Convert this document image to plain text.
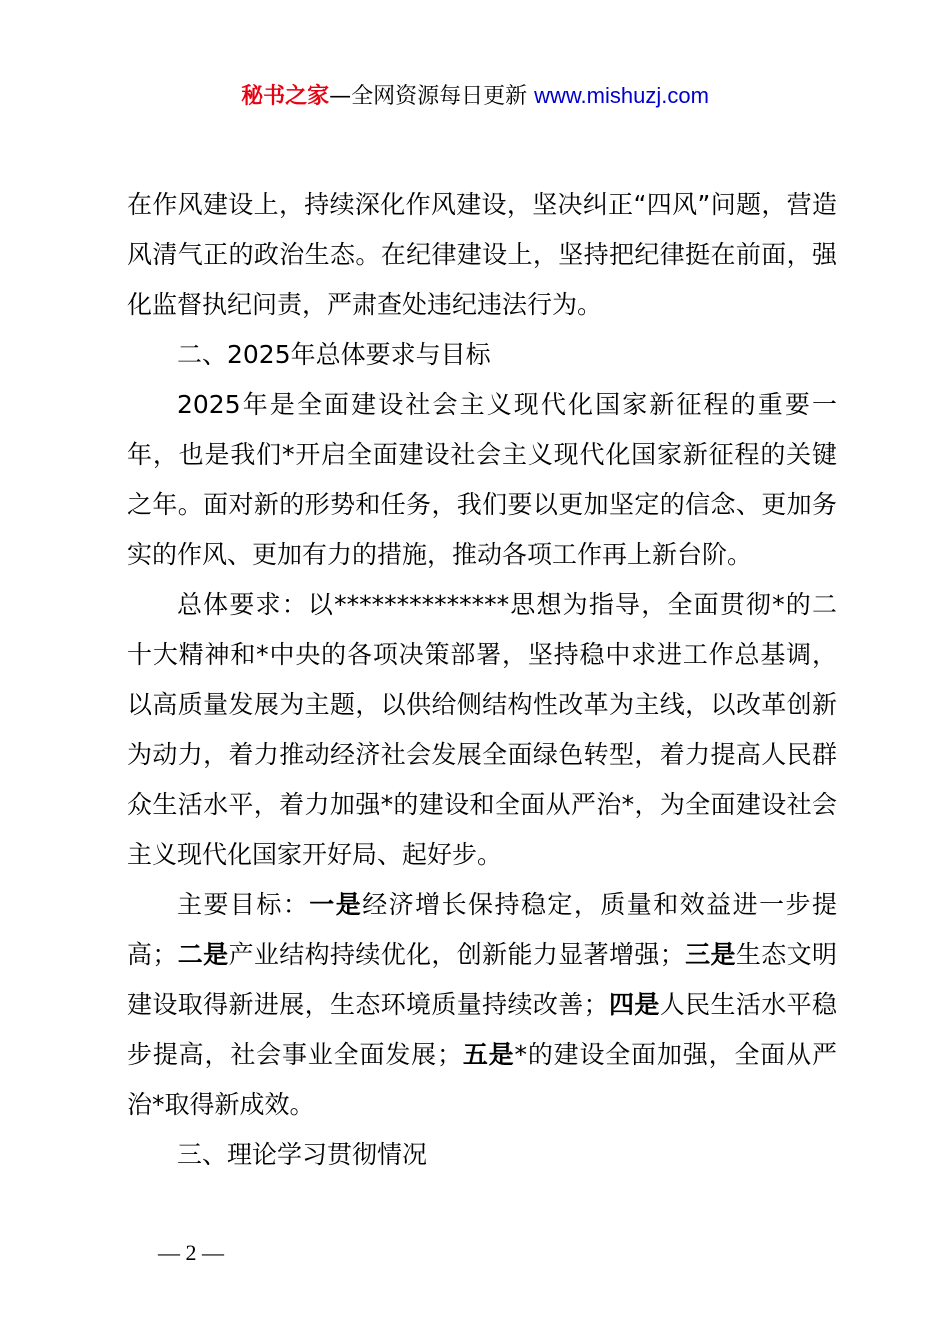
秘书之家—全网资源每日更新 www.mishuzj.com

在作风建设上，持续深化作风建设，坚决纠正“四风”问题，营造风清气正的政治生态。在纪律建设上，坚持把纪律挺在前面，强化监督执纪问责，严肃查处违纪违法行为。

二、2025年总体要求与目标

2025年是全面建设社会主义现代化国家新征程的重要一年，也是我们*开启全面建设社会主义现代化国家新征程的关键之年。面对新的形势和任务，我们要以更加坚定的信念、更加务实的作风、更加有力的措施，推动各项工作再上新台阶。

总体要求：以**************思想为指导，全面贯彻*的二十大精神和*中央的各项决策部署，坚持稳中求进工作总基调，以高质量发展为主题，以供给侧结构性改革为主线，以改革创新为动力，着力推动经济社会发展全面绿色转型，着力提高人民群众生活水平，着力加强*的建设和全面从严治*，为全面建设社会主义现代化国家开好局、起好步。

主要目标：一是经济增长保持稳定，质量和效益进一步提高；二是产业结构持续优化，创新能力显著增强；三是生态文明建设取得新进展，生态环境质量持续改善；四是人民生活水平稳步提高，社会事业全面发展；五是*的建设全面加强，全面从严治*取得新成效。

三、理论学习贯彻情况

— 2 —
